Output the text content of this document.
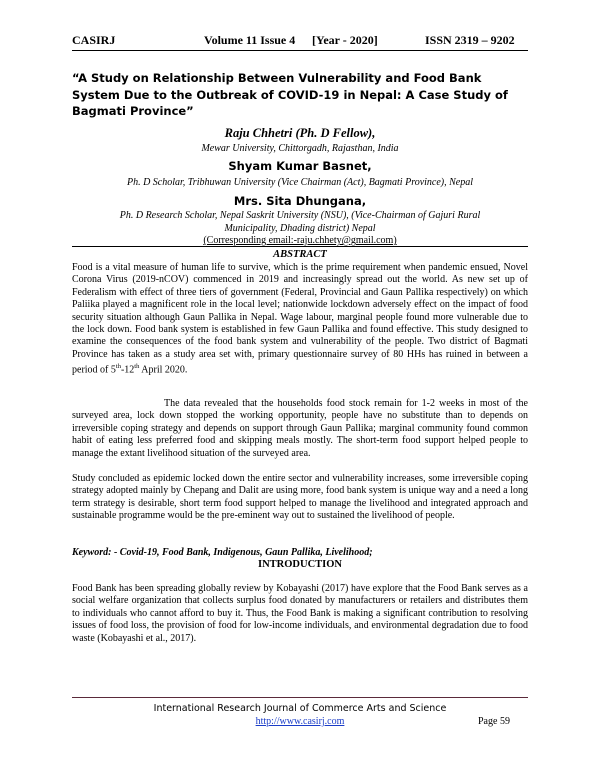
CASIRJ	Volume 11 Issue 4 [Year - 2020]	ISSN 2319 – 9202
“A Study on Relationship Between Vulnerability and Food Bank System Due to the Outbreak of COVID-19 in Nepal: A Case Study of Bagmati Province”
Raju Chhetri (Ph. D Fellow),
Mewar University, Chittorgadh, Rajasthan, India
Shyam Kumar Basnet,
Ph. D Scholar, Tribhuwan University (Vice Chairman (Act), Bagmati Province), Nepal
Mrs. Sita Dhungana,
Ph. D Research Scholar, Nepal Saskrit University (NSU), (Vice-Chairman of Gajuri Rural Municipality, Dhading district) Nepal
(Corresponding email:-raju.chhety@gmail.com)
ABSTRACT

Food is a vital measure of human life to survive, which is the prime requirement when pandemic ensued, Novel Corona Virus (2019-nCOV) commenced in 2019 and increasingly spread out the world. As new set up of Federalism with effect of three tiers of government (Federal, Provincial and Gaun Pallika respectively) on which Paliika played a magnificent role in the local level; nationwide lockdown adversely effect on the impact of food security situation although Gaun Pallika in Nepal. Wage labour, marginal people found more vulnerable due to the lock down. Food bank system is established in few Gaun Pallika and found effective. This study designed to examine the consequences of the food bank system and vulnerability of the people. Two district of Bagmati Province has taken as a study area set with, primary questionnaire survey of 80 HHs has ruined in between a period of 5th-12th April 2020.

The data revealed that the households food stock remain for 1-2 weeks in most of the surveyed area, lock down stopped the working opportunity, people have no substitute than to depends on irreversible coping strategy and depends on support through Gaun Pallika; marginal community found common habit of eating less preferred food and skipping meals mostly. The short-term food support helped people to manage the extant livelihood situation of the surveyed area.

Study concluded as epidemic locked down the entire sector and vulnerability increases, some irreversible coping strategy adopted mainly by Chepang and Dalit are using more, food bank system is unique way and a need a long term strategy is desirable, short term food support helped to manage the livelihood and integrated approach and sustainable programme would be the pre-eminent way out to sustained the livelihood of people.

Keyword: - Covid-19, Food Bank, Indigenous, Gaun Pallika, Livelihood;
INTRODUCTION

Food Bank has been spreading globally review by Kobayashi (2017) have explore that the Food Bank serves as a social welfare organization that collects surplus food donated by manufacturers or retailers and distributes them to individuals who cannot afford to buy it. Thus, the Food Bank is making a significant contribution to resolving issues of food loss, the provision of food for low-income individuals, and environmental degradation due to food waste (Kobayashi et al., 2017).

International Research Journal of Commerce Arts and Science
http://www.casirj.com	Page 59
